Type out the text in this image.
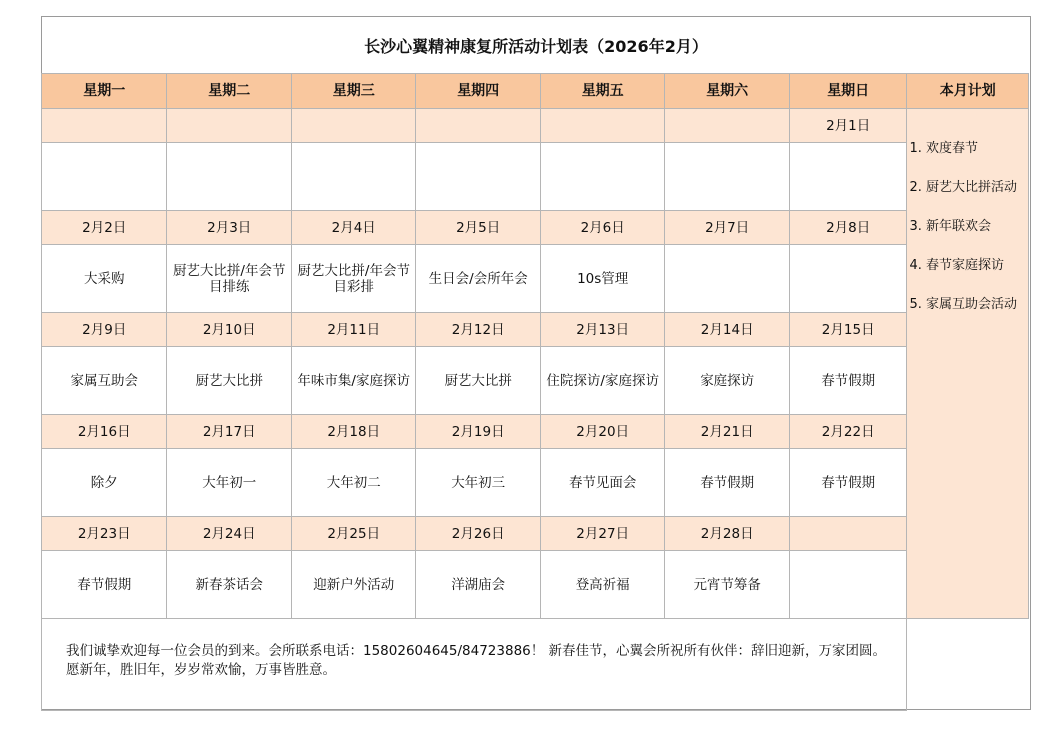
长沙心翼精神康复所活动计划表（2026年2月）
星期一	星期二	星期三	星期四	星期五	星期六	星期日	本月计划
						2月1日	1. 欢度春节
2. 厨艺大比拼活动
3. 新年联欢会
4. 春节家庭探访
5. 家属互助会活动

2月2日	2月3日	2月4日	2月5日	2月6日	2月7日	2月8日	
大采购	厨艺大比拼/年会节目排练	厨艺大比拼/年会节目彩排	生日会/会所年会	10s管理			
2月9日	2月10日	2月11日	2月12日	2月13日	2月14日	2月15日	
家属互助会	厨艺大比拼	年味市集/家庭探访	厨艺大比拼	住院探访/家庭探访	家庭探访	春节假期	
2月16日	2月17日	2月18日	2月19日	2月20日	2月21日	2月22日	
除夕	大年初一	大年初二	大年初三	春节见面会	春节假期	春节假期	
2月23日	2月24日	2月25日	2月26日	2月27日	2月28日		
春节假期	新春茶话会	迎新户外活动	洋湖庙会	登高祈福	元宵节筹备		

我们诚挚欢迎每一位会员的到来。会所联系电话：15802604645/84723886！ 新春佳节，心翼会所祝所有伙伴：辞旧迎新，万家团圆。愿新年，胜旧年，岁岁常欢愉，万事皆胜意。							
